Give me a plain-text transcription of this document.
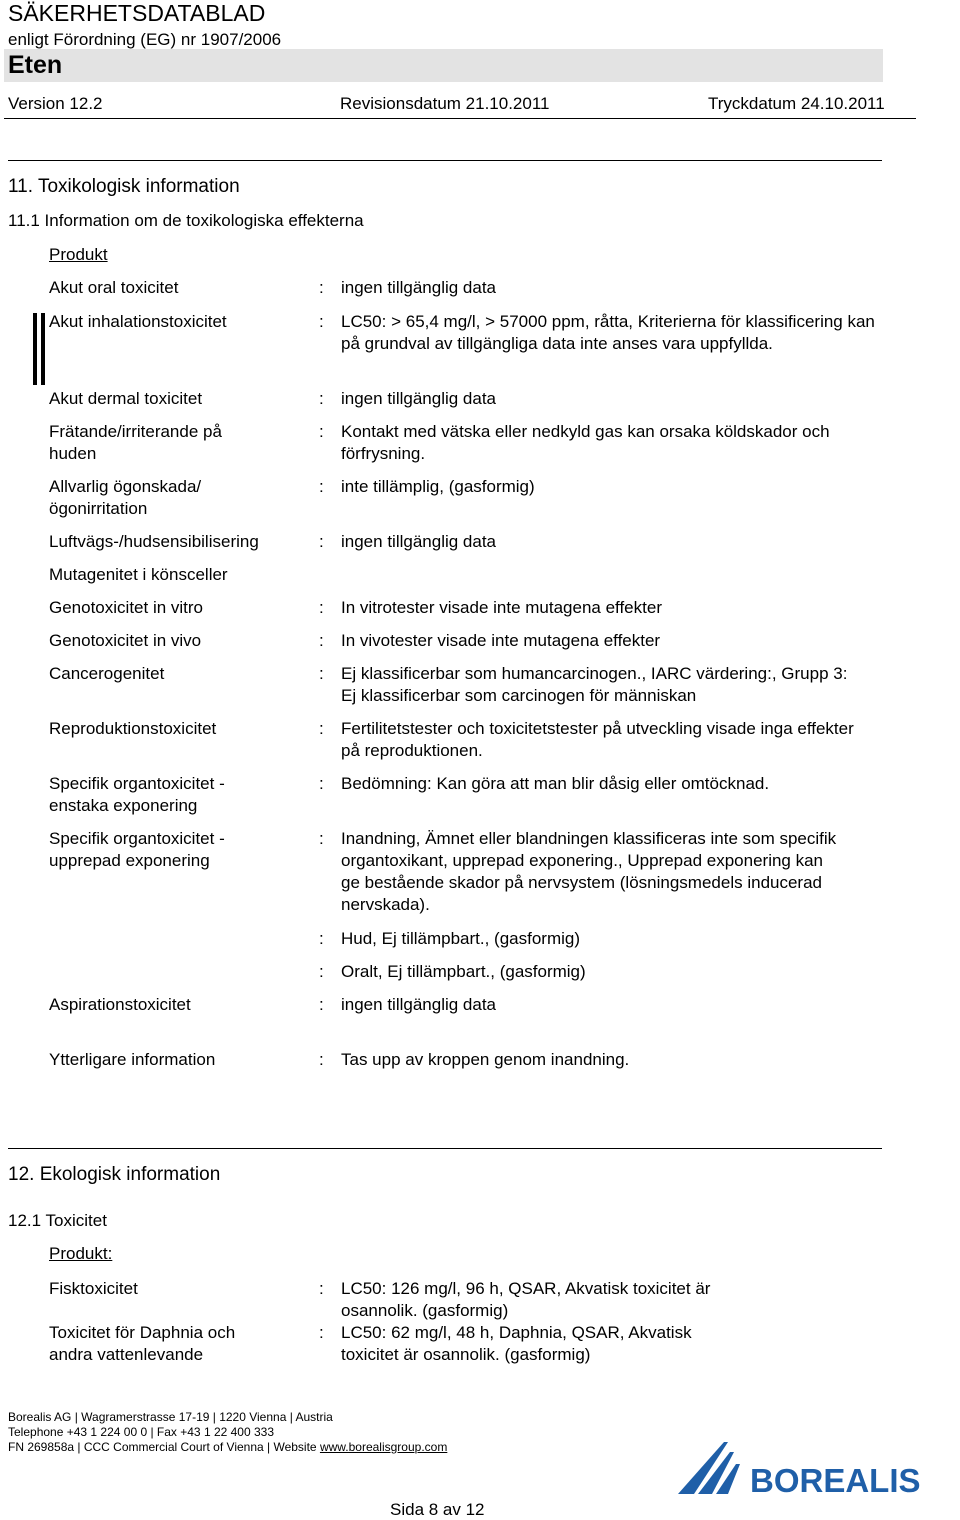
SÄKERHETSDATABLAD
enligt Förordning (EG) nr 1907/2006
Eten
Version 12.2	Revisionsdatum 21.10.2011	Tryckdatum 24.10.2011
11. Toxikologisk information
11.1 Information om de toxikologiska effekterna
Produkt
Akut oral toxicitet	: ingen tillgänglig data
Akut inhalationstoxicitet	: LC50: > 65,4 mg/l, > 57000 ppm, råtta, Kriterierna för klassificering kan på grundval av tillgängliga data inte anses vara uppfyllda.
Akut dermal toxicitet	: ingen tillgänglig data
Frätande/irriterande på huden
: Kontakt med vätska eller nedkyld gas kan orsaka köldskador och förfrysning.
Allvarlig ögonskada/ögonirritation
: inte tillämplig, (gasformig)
Luftvägs-/hudsensibilisering	: ingen tillgänglig data
Mutagenitet i könsceller
Genotoxicitet in vitro	: In vitrotester visade inte mutagena effekter
Genotoxicitet in vivo	: In vivotester visade inte mutagena effekter
Cancerogenitet	: Ej klassificerbar som humancarcinogen., IARC värdering:, Grupp 3: Ej klassificerbar som carcinogen för människan
Reproduktionstoxicitet	: Fertilitetstester och toxicitetstester på utveckling visade inga effekter på reproduktionen.
Specifik organtoxicitet - enstaka exponering
: Bedömning: Kan göra att man blir dåsig eller omtöcknad.
Specifik organtoxicitet - upprepad exponering
: Inandning, Ämnet eller blandningen klassificeras inte som specifik organtoxikant, upprepad exponering., Upprepad exponering kan ge bestående skador på nervsystem (lösningsmedels inducerad nervskada).
: Hud, Ej tillämpbart., (gasformig)
: Oralt, Ej tillämpbart., (gasformig)
Aspirationstoxicitet	: ingen tillgänglig data
Ytterligare information	: Tas upp av kroppen genom inandning.
12. Ekologisk information
12.1 Toxicitet
Produkt:
Fisktoxicitet	: LC50: 126 mg/l, 96 h, QSAR, Akvatisk toxicitet är osannolik. (gasformig)
Toxicitet för Daphnia och andra vattenlevande
: LC50: 62 mg/l, 48 h, Daphnia, QSAR, Akvatisk toxicitet är osannolik. (gasformig)
Borealis AG | Wagramerstrasse 17-19 | 1220 Vienna | Austria
Telephone +43 1 224 00 0 | Fax +43 1 22 400 333
FN 269858a | CCC Commercial Court of Vienna | Website www.borealisgroup.com
BOREALIS
Sida 8 av 12
